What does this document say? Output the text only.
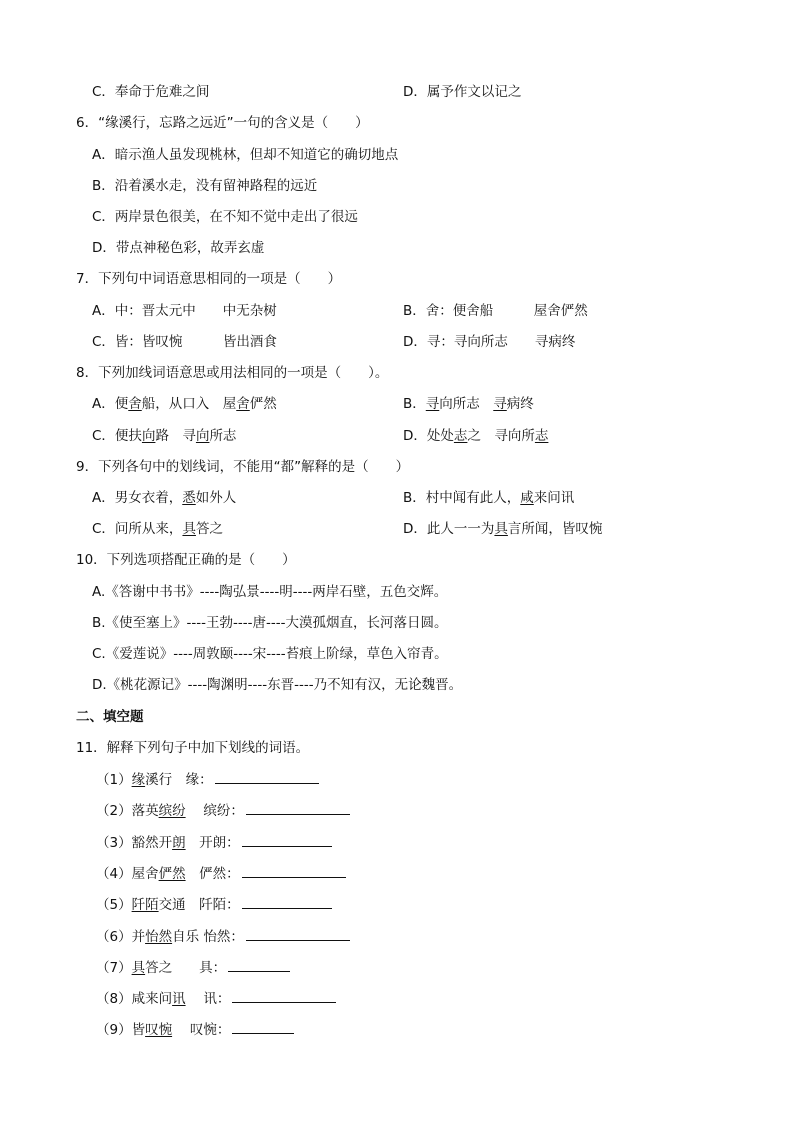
C．奉命于危难之间	D．属予作文以记之
6．“缘溪行，忘路之远近”一句的含义是（　　）
A．暗示渔人虽发现桃林，但却不知道它的确切地点
B．沿着溪水走，没有留神路程的远近
C．两岸景色很美，在不知不觉中走出了很远
D．带点神秘色彩，故弄玄虚
7．下列句中词语意思相同的一项是（　　）
A．中：晋太元中　　中无杂树	B．舍：便舍船　　　屋舍俨然
C．皆：皆叹惋　　　皆出酒食	D．寻：寻向所志　　寻病终
8．下列加线词语意思或用法相同的一项是（　　）。
A．便舍船，从口入　屋舍俨然	B．寻向所志　寻病终
C．便扶向路　寻向所志	D．处处志之　寻向所志
9．下列各句中的划线词，不能用“都”解释的是（　　）
A．男女衣着，悉如外人	B．村中闻有此人，咸来问讯
C．问所从来，具答之	D．此人一一为具言所闻，皆叹惋
10．下列选项搭配正确的是（　　）
A.《答谢中书书》----陶弘景----明----两岸石壁，五色交辉。
B.《使至塞上》----王勃----唐----大漠孤烟直，长河落日圆。
C.《爱莲说》----周敦颐----宋----苔痕上阶绿，草色入帘青。
D.《桃花源记》----陶渊明----东晋----乃不知有汉，无论魏晋。
二、填空题
11．解释下列句子中加下划线的词语。
（1）缘溪行　缘：
（2）落英缤纷　 缤纷：
（3）豁然开朗　开朗：
（4）屋舍俨然　俨然：
（5）阡陌交通　阡陌：
（6）并怡然自乐 怡然：
（7）具答之　　具：
（8）咸来问讯　 讯：
（9）皆叹惋　 叹惋：
